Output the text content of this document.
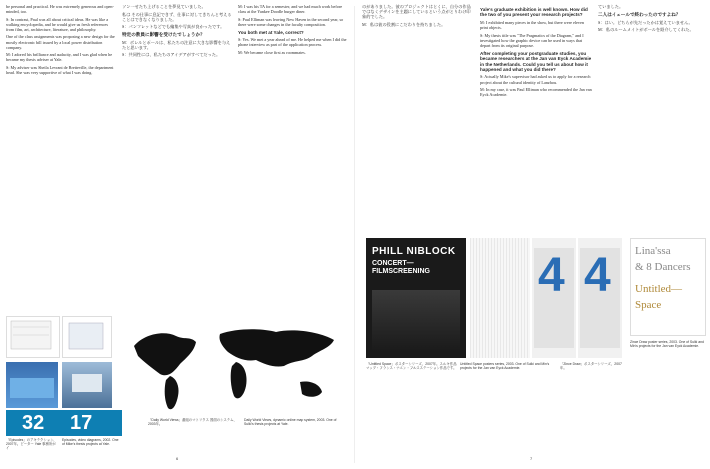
be personal and practical. He was extremely generous and open-minded, too.

S: In contrast, Paul was all about critical ideas. He was like a walking encyclopedia, and he would give us fresh references from film, art, architecture, literature, and philosophy.

One of the class assignments was proposing a new design for the mostly electronic bill issued by a local power distribution company.

M: I adored his brilliance and audacity, and I was glad when he became my thesis adviser at Yale.

S: My adviser was Sheila Levrant de Bretteville, the department head. She was very supportive of what I was doing.

ソン一せたち上げることを夢見ていました。

私は その仕事に息記できず、仕事に対してきちんと考えることはできなくなりました。

S：パンフレットなどでも編集や写真が良かったです。

特定の教員に影響を受けたでしょうか？

M：ボレルとポールは、私たちの注意に大きな影響を与えたと思います。

S：共同性には、私たちのアイデアがすべてだった。

M: I was his TA for a semester, and we had much work before class at the Yankee Doodle burger diner.

S: Paul Elliman was leaving New Haven in the second year, so there were some changes in the faculty composition.

You both met at Yale, correct?

S: Yes. We met a year ahead of me. He helped me when I did the phone interview as part of the application process.

M: We became close first as roommates.

32 17
「Episodes」のアキテクション、2007年。ピーター Yale 事務所がイ
Episodes, video diagrams, 2002. One of Mike's thesis projects at Yale.
「Daily World Views」番組のマトリクス 図面のシステム、2003年。
Daily World Views, dynamic online map system, 2003. One of Sulki's thesis projects at Yale.
6

のがありました。彼のプロジェクトはとくに、自分の作品ではなくデザインを主題にしているという点がとりわけ印象的でした。

M：私は彼の役割にこだわりを持ちました。

Yale's graduate exhibition is well known. How did the two of you present your research projects?

M: I exhibited many pieces in the show, but there were eleven print objects.

S: My thesis title was "The Pragmatics of the Diagram," and I investigated how the graphic device can be used in ways that depart from its original purpose.

After completing your postgraduate studies, you became researchers at the Jan van Eyck Academie in the Netherlands. Could you tell us about how it happened and what you did there?

S: Actually Mike's supervisor had asked us to apply for a research project about the cultural identity of Lanzhou.

M: In my case, it was Paul Elliman who recommended the Jan van Eyck Academie.

ていました。

二人はイェールで終わったのですよね？

S：はい。どちらが先だったかは覚えていません。

M：私のルームメイトがボールを紹介してくれた。

PHILL NIBLOCK
CONCERT—FILMSCREENING	4 4 Lina'ssa
& 8 Dancers
Untitled—
Space
「Untitled Space」ポスターシリーズ、2007年。スルキ作品マップ・フランス・ナエン・フルスステーション作品です。
Untitled Space posters series, 2003. One of Sulki and Min's projects for the Jan van Eyck Academie.
「Zince Draw」ポスターシリーズ、2007年。
Zince Draw poster series, 2003. One of Sulki and Min's projects for the Jan van Eyck Academie.
7
